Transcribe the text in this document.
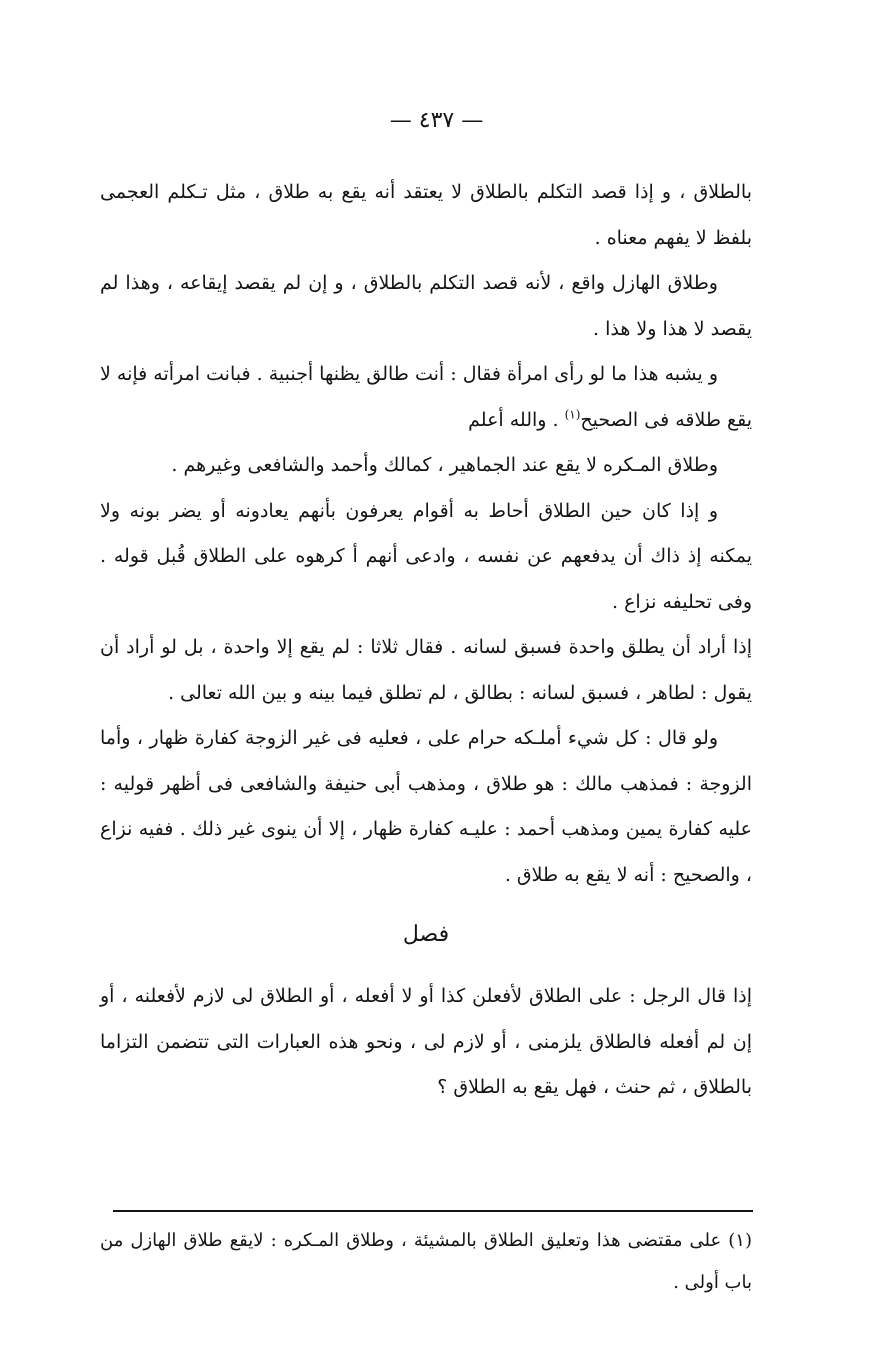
— ٤٣٧ —

بالطلاق ، و إذا قصد التكلم بالطلاق لا يعتقد أنه يقع به طلاق ، مثل تـكلم العجمى بلفظ لا يفهم معناه .

وطلاق الهازل واقع ، لأنه قصد التكلم بالطلاق ، و إن لم يقصد إيقاعه ، وهذا لم يقصد لا هذا ولا هذا .

و يشبه هذا ما لو رأى امرأة فقال : أنت طالق يظنها أجنبية . فبانت امرأته فإنه لا يقع طلاقه فى الصحيح$^{(١)}$ . والله أعلم

وطلاق المـكره لا يقع عند الجماهير ، كمالك وأحمد والشافعى وغيرهم .

و إذا كان حين الطلاق أحاط به أقوام يعرفون بأنهم يعادونه أو يضر بونه ولا يمكنه إذ ذاك أن يدفعهم عن نفسه ، وادعى أنهم أ كرهوه على الطلاق قُبل قوله . وفى تحليفه نزاع .

إذا أراد أن يطلق واحدة فسبق لسانه . فقال ثلاثا : لم يقع إلا واحدة ، بل لو أراد أن يقول : لطاهر ، فسبق لسانه : بطالق ، لم تطلق فيما بينه و بين الله تعالى .

ولو قال : كل شيء أملـكه حرام على ، فعليه فى غير الزوجة كفارة ظهار ، وأما الزوجة : فمذهب مالك : هو طلاق ، ومذهب أبى حنيفة والشافعى فى أظهر قوليه : عليه كفارة يمين ومذهب أحمد : عليـه كفارة ظهار ، إلا أن ينوى غير ذلك . ففيه نزاع ، والصحيح : أنه لا يقع به طلاق .

فصل

إذا قال الرجل : على الطلاق لأفعلن كذا أو لا أفعله ، أو الطلاق لى لازم لأفعلنه ، أو إن لم أفعله فالطلاق يلزمنى ، أو لازم لى ، ونحو هذه العبارات التى تتضمن التزاما بالطلاق ، ثم حنث ، فهل يقع به الطلاق ؟

(١) على مقتضى هذا وتعليق الطلاق بالمشيئة ، وطلاق المـكره : لايقع طلاق الهازل من باب أولى .
